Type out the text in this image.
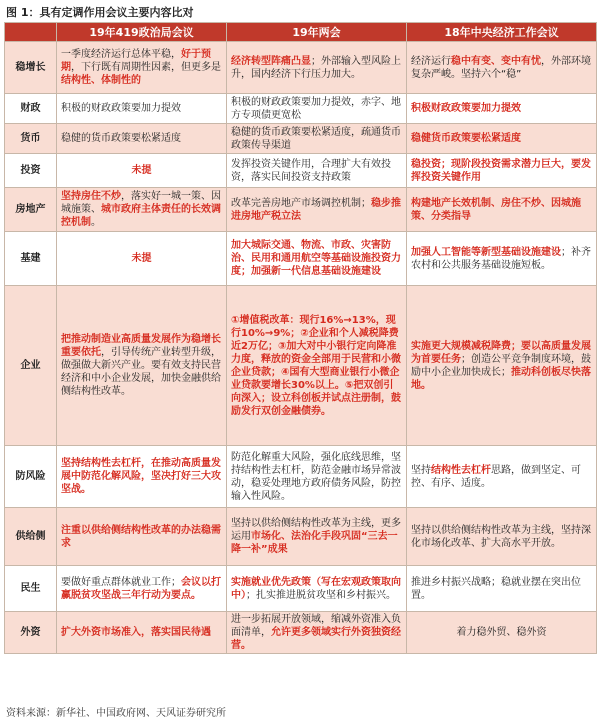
图 1：具有定调作用会议主要内容比对
	19年419政治局会议	19年两会	18年中央经济工作会议
稳增长	一季度经济运行总体平稳，好于预期，下行既有周期性因素，但更多是结构性、体制性的	经济转型阵痛凸显；外部输入型风险上升，国内经济下行压力加大。	经济运行稳中有变、变中有忧，外部环境复杂严峻。坚持六个“稳”
财政	积极的财政政策要加力提效	积极的财政政策要加力提效，赤字、地方专项债更宽松	积极财政政策要加力提效
货币	稳健的货币政策要松紧适度	稳健的货币政策要松紧适度，疏通货币政策传导渠道	稳健货币政策要松紧适度
投资	未提	发挥投资关键作用，合理扩大有效投资，落实民间投资支持政策	稳投资；现阶段投资需求潜力巨大，要发挥投资关键作用
房地产	坚持房住不炒，落实好一城一策、因城施策、城市政府主体责任的长效调控机制。	改革完善房地产市场调控机制；稳步推进房地产税立法	构建地产长效机制、房住不炒、因城施策、分类指导
基建	未提	加大城际交通、物流、市政、灾害防治、民用和通用航空等基础设施投资力度；加强新一代信息基础设施建设	加强人工智能等新型基础设施建设；补齐农村和公共服务基础设施短板。
企业	把推动制造业高质量发展作为稳增长重要依托，引导传统产业转型升级，做强做大新兴产业。要有效支持民营经济和中小企业发展，加快金融供给侧结构性改革。	①增值税改革：现行16%→13%，现行10%→9%；②企业和个人减税降费近2万亿；③加大对中小银行定向降准力度，释放的资金全部用于民营和小微企业贷款；④国有大型商业银行小微企业贷款要增长30%以上。⑤把双创引向深入；设立科创板并试点注册制，鼓励发行双创金融债券。	实施更大规模减税降费；要以高质量发展为首要任务；创造公平竞争制度环境，鼓励中小企业加快成长；推动科创板尽快落地。
防风险	坚持结构性去杠杆，在推动高质量发展中防范化解风险，坚决打好三大攻坚战。	防范化解重大风险，强化底线思维，坚持结构性去杠杆，防范金融市场异常波动，稳妥处理地方政府债务风险，防控输入性风险。	坚持结构性去杠杆思路，做到坚定、可控、有序、适度。
供给侧	注重以供给侧结构性改革的办法稳需求	坚持以供给侧结构性改革为主线，更多运用市场化、法治化手段巩固“三去一降一补”成果	坚持以供给侧结构性改革为主线，坚持深化市场化改革、扩大高水平开放。
民生	要做好重点群体就业工作；会议以打赢脱贫攻坚战三年行动为要点。	实施就业优先政策（写在宏观政策取向中）；扎实推进脱贫攻坚和乡村振兴。	推进乡村振兴战略；稳就业摆在突出位置。
外资	扩大外资市场准入，落实国民待遇	进一步拓展开放领域，缩减外资准入负面清单，允许更多领域实行外资独资经营。	着力稳外贸、稳外资
资料来源：新华社、中国政府网、天风证券研究所
